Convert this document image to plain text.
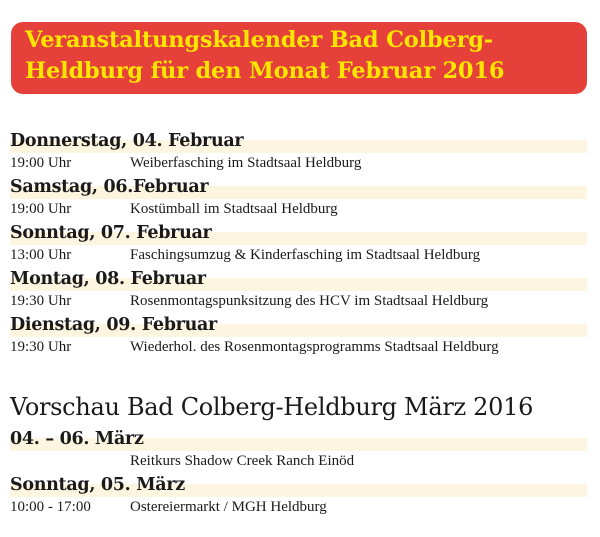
Veranstaltungskalender Bad Colberg-
Heldburg für den Monat Februar 2016
Donnerstag, 04. Februar
19:00 Uhr	Weiberfasching im Stadtsaal Heldburg
Samstag, 06.Februar
19:00 Uhr	Kostümball im Stadtsaal Heldburg
Sonntag, 07. Februar
13:00 Uhr	Faschingsumzug & Kinderfasching im Stadtsaal Heldburg
Montag, 08. Februar
19:30 Uhr	Rosenmontagspunksitzung des HCV im Stadtsaal Heldburg
Dienstag, 09. Februar
19:30 Uhr	Wiederhol. des Rosenmontagsprogramms Stadtsaal Heldburg
Vorschau Bad Colberg-Heldburg März 2016
04. – 06. März
Reitkurs Shadow Creek Ranch Einöd
Sonntag, 05. März
10:00 - 17:00	Ostereiermarkt / MGH Heldburg
